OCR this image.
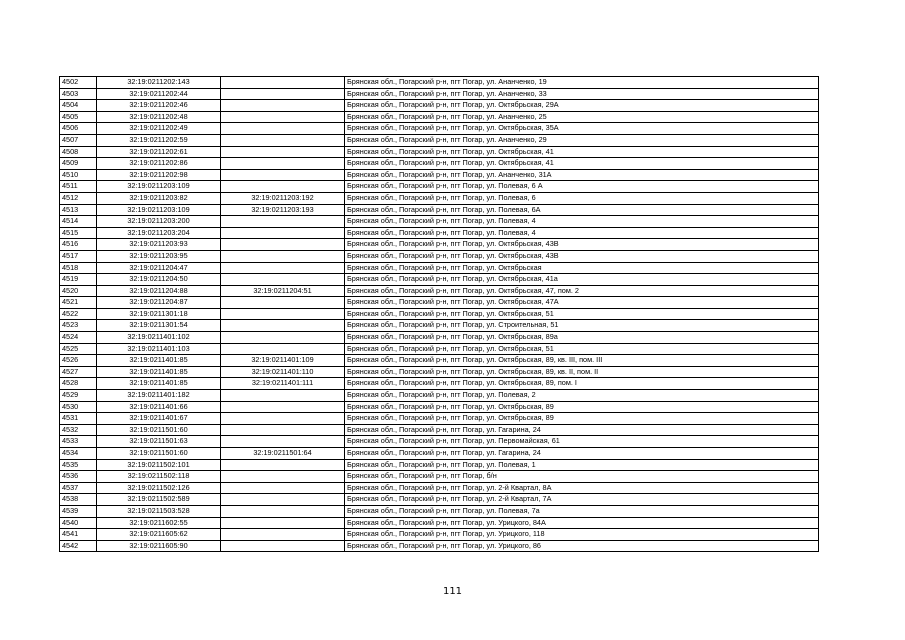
4502	32:19:0211202:143		Брянская обл., Погарский р-н, пгт Погар, ул. Ананченко, 19
4503	32:19:0211202:44		Брянская обл., Погарский р-н, пгт Погар, ул. Ананченко, 33
4504	32:19:0211202:46		Брянская обл., Погарский р-н, пгт Погар, ул. Октябрьская, 29А
4505	32:19:0211202:48		Брянская обл., Погарский р-н, пгт Погар, ул. Ананченко, 25
4506	32:19:0211202:49		Брянская обл., Погарский р-н, пгт Погар, ул. Октябрьская, 35А
4507	32:19:0211202:59		Брянская обл., Погарский р-н, пгт Погар, ул. Ананченко, 29
4508	32:19:0211202:61		Брянская обл., Погарский р-н, пгт Погар, ул. Октябрьская, 41
4509	32:19:0211202:86		Брянская обл., Погарский р-н, пгт Погар, ул. Октябрьская, 41
4510	32:19:0211202:98		Брянская обл., Погарский р-н, пгт Погар, ул. Ананченко, 31А
4511	32:19:0211203:109		Брянская обл., Погарский р-н, пгт Погар, ул. Полевая, 6 А
4512	32:19:0211203:82	32:19:0211203:192	Брянская обл., Погарский р-н, пгт Погар, ул. Полевая, 6
4513	32:19:0211203:109	32:19:0211203:193	Брянская обл., Погарский р-н, пгт Погар, ул. Полевая, 6А
4514	32:19:0211203:200		Брянская обл., Погарский р-н, пгт Погар, ул. Полевая, 4
4515	32:19:0211203:204		Брянская обл., Погарский р-н, пгт Погар, ул. Полевая, 4
4516	32:19:0211203:93		Брянская обл., Погарский р-н, пгт Погар, ул. Октябрьская, 43В
4517	32:19:0211203:95		Брянская обл., Погарский р-н, пгт Погар, ул. Октябрьская, 43В
4518	32:19:0211204:47		Брянская обл., Погарский р-н, пгт Погар, ул. Октябрьская
4519	32:19:0211204:50		Брянская обл., Погарский р-н, пгт Погар, ул. Октябрьская, 41а
4520	32:19:0211204:88	32:19:0211204:51	Брянская обл., Погарский р-н, пгт Погар, ул. Октябрьская, 47, пом. 2
4521	32:19:0211204:87		Брянская обл., Погарский р-н, пгт Погар, ул. Октябрьская, 47А
4522	32:19:0211301:18		Брянская обл., Погарский р-н, пгт Погар, ул. Октябрьская, 51
4523	32:19:0211301:54		Брянская обл., Погарский р-н, пгт Погар, ул. Строительная, 51
4524	32:19:0211401:102		Брянская обл., Погарский р-н, пгт Погар, ул. Октябрьская, 89а
4525	32:19:0211401:103		Брянская обл., Погарский р-н, пгт Погар, ул. Октябрьская, 51
4526	32:19:0211401:85	32:19:0211401:109	Брянская обл., Погарский р-н, пгт Погар, ул. Октябрьская, 89, кв. III, пом. III
4527	32:19:0211401:85	32:19:0211401:110	Брянская обл., Погарский р-н, пгт Погар, ул. Октябрьская, 89, кв. II, пом. II
4528	32:19:0211401:85	32:19:0211401:111	Брянская обл., Погарский р-н, пгт Погар, ул. Октябрьская, 89, пом. I
4529	32:19:0211401:182		Брянская обл., Погарский р-н, пгт Погар, ул. Полевая, 2
4530	32:19:0211401:66		Брянская обл., Погарский р-н, пгт Погар, ул. Октябрьская, 89
4531	32:19:0211401:67		Брянская обл., Погарский р-н, пгт Погар, ул. Октябрьская, 89
4532	32:19:0211501:60		Брянская обл., Погарский р-н, пгт Погар, ул. Гагарина, 24
4533	32:19:0211501:63		Брянская обл., Погарский р-н, пгт Погар, ул. Первомайская, 61
4534	32:19:0211501:60	32:19:0211501:64	Брянская обл., Погарский р-н, пгт Погар, ул. Гагарина, 24
4535	32:19:0211502:101		Брянская обл., Погарский р-н, пгт Погар, ул. Полевая, 1
4536	32:19:0211502:118		Брянская обл., Погарский р-н, пгт Погар, б/н
4537	32:19:0211502:126		Брянская обл., Погарский р-н, пгт Погар, ул. 2-й Квартал, 8А
4538	32:19:0211502:589		Брянская обл., Погарский р-н, пгт Погар, ул. 2-й Квартал, 7А
4539	32:19:0211503:528		Брянская обл., Погарский р-н, пгт Погар, ул. Полевая, 7а
4540	32:19:0211602:55		Брянская обл., Погарский р-н, пгт Погар, ул. Урицкого, 84А
4541	32:19:0211605:62		Брянская обл., Погарский р-н, пгт Погар, ул. Урицкого, 118
4542	32:19:0211605:90		Брянская обл., Погарский р-н, пгт Погар, ул. Урицкого, 86
111
